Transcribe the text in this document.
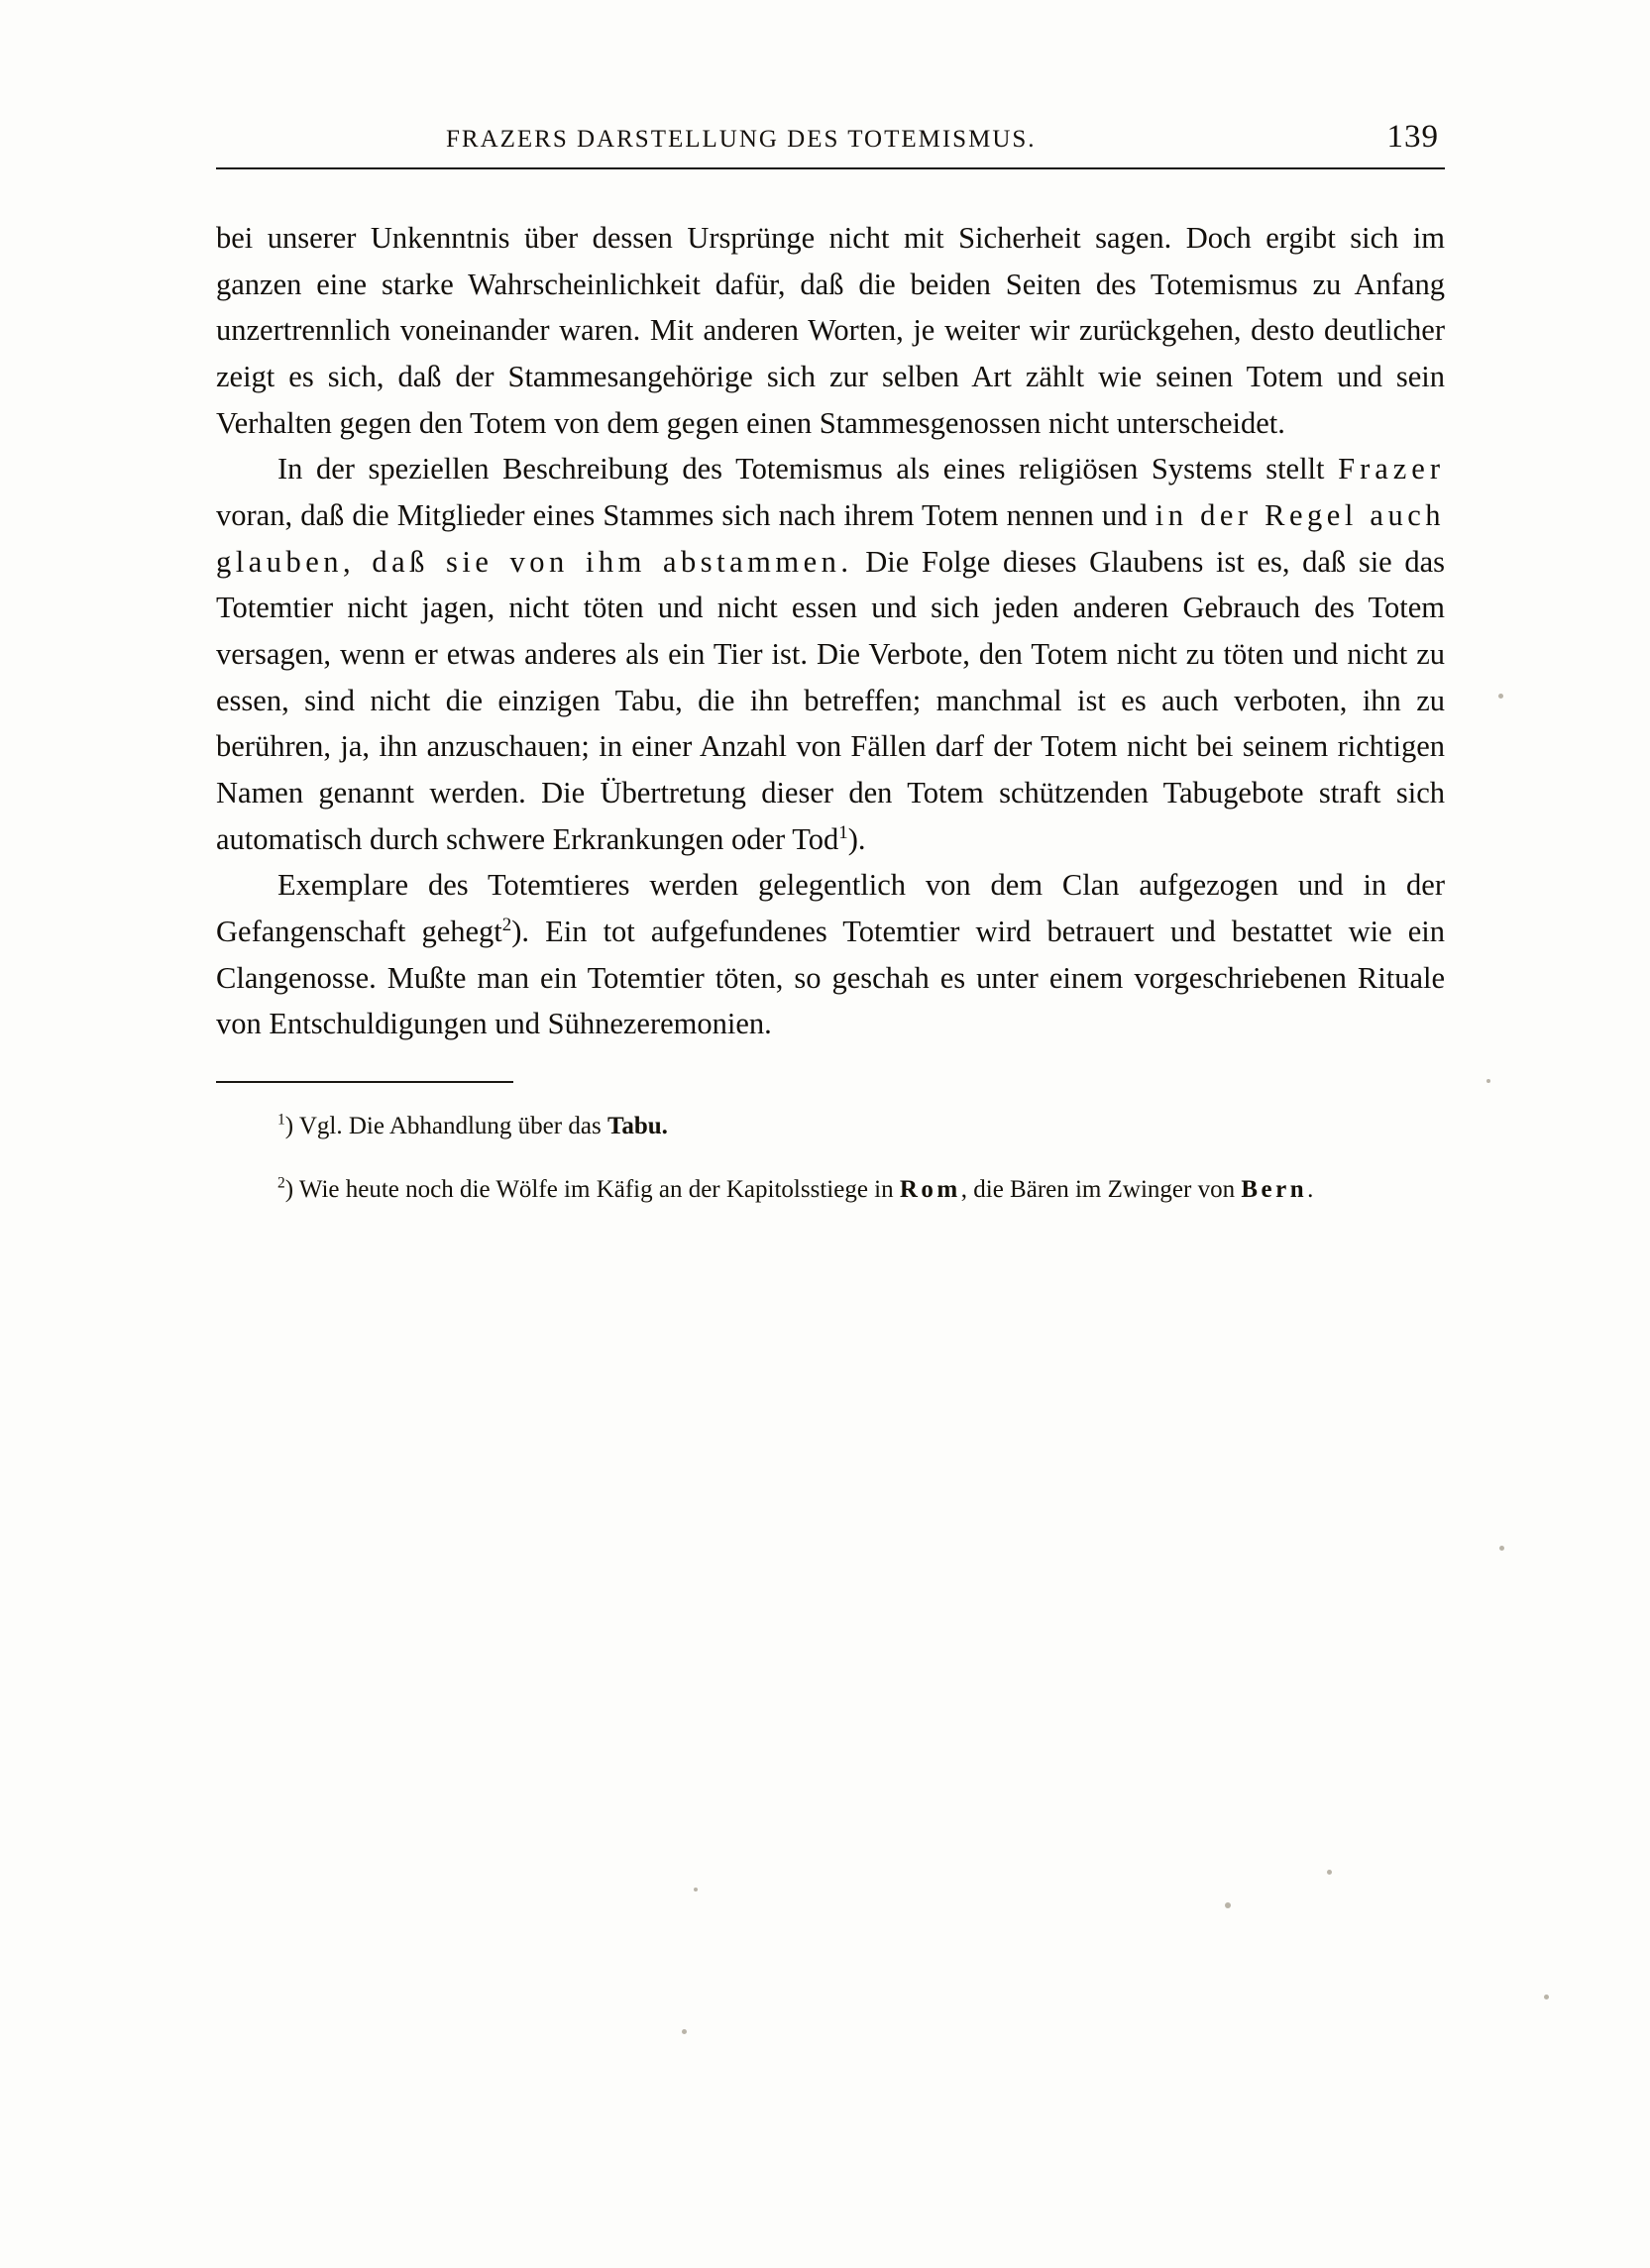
FRAZERS DARSTELLUNG DES TOTEMISMUS.	139

bei unserer Unkenntnis über dessen Ursprünge nicht mit Sicherheit sagen. Doch ergibt sich im ganzen eine starke Wahrscheinlichkeit dafür, daß die beiden Seiten des Totemismus zu Anfang unzertrennlich voneinander waren. Mit anderen Worten, je weiter wir zurückgehen, desto deutlicher zeigt es sich, daß der Stammesangehörige sich zur selben Art zählt wie seinen Totem und sein Verhalten gegen den Totem von dem gegen einen Stammesgenossen nicht unterscheidet.

In der speziellen Beschreibung des Totemismus als eines religiösen Systems stellt Frazer voran, daß die Mitglieder eines Stammes sich nach ihrem Totem nennen und in der Regel auch glauben, daß sie von ihm abstammen. Die Folge dieses Glaubens ist es, daß sie das Totemtier nicht jagen, nicht töten und nicht essen und sich jeden anderen Gebrauch des Totem versagen, wenn er etwas anderes als ein Tier ist. Die Verbote, den Totem nicht zu töten und nicht zu essen, sind nicht die einzigen Tabu, die ihn betreffen; manchmal ist es auch verboten, ihn zu berühren, ja, ihn anzuschauen; in einer Anzahl von Fällen darf der Totem nicht bei seinem richtigen Namen genannt werden. Die Übertretung dieser den Totem schützenden Tabugebote straft sich automatisch durch schwere Erkrankungen oder Tod$^1$).

Exemplare des Totemtieres werden gelegentlich von dem Clan aufgezogen und in der Gefangenschaft gehegt$^2$). Ein tot aufgefundenes Totemtier wird betrauert und bestattet wie ein Clangenosse. Mußte man ein Totemtier töten, so geschah es unter einem vorgeschriebenen Rituale von Entschuldigungen und Sühnezeremonien.

$^1$) Vgl. Die Abhandlung über das Tabu.

$^2$) Wie heute noch die Wölfe im Käfig an der Kapitolsstiege in Rom, die Bären im Zwinger von Bern.
